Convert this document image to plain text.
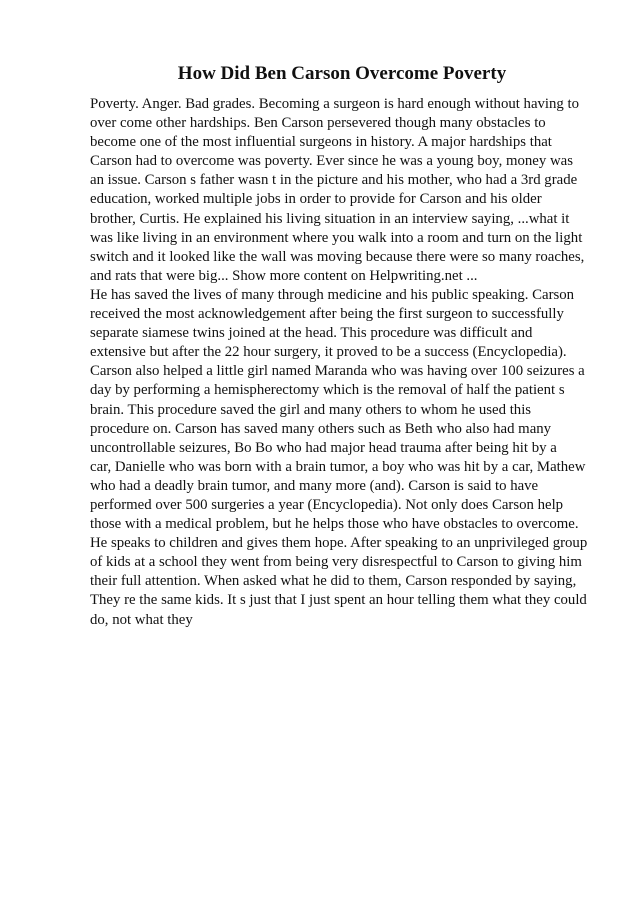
How Did Ben Carson Overcome Poverty
Poverty. Anger. Bad grades. Becoming a surgeon is hard enough without having to
over come other hardships. Ben Carson persevered though many obstacles to
become one of the most influential surgeons in history. A major hardships that
Carson had to overcome was poverty. Ever since he was a young boy, money was
an issue. Carson s father wasn t in the picture and his mother, who had a 3rd grade
education, worked multiple jobs in order to provide for Carson and his older
brother, Curtis. He explained his living situation in an interview saying, ...what it
was like living in an environment where you walk into a room and turn on the light
switch and it looked like the wall was moving because there were so many roaches,
and rats that were big... Show more content on Helpwriting.net ...
He has saved the lives of many through medicine and his public speaking. Carson
received the most acknowledgement after being the first surgeon to successfully
separate siamese twins joined at the head. This procedure was difficult and
extensive but after the 22 hour surgery, it proved to be a success (Encyclopedia).
Carson also helped a little girl named Maranda who was having over 100 seizures a
day by performing a hemispherectomy which is the removal of half the patient s
brain. This procedure saved the girl and many others to whom he used this
procedure on. Carson has saved many others such as Beth who also had many
uncontrollable seizures, Bo Bo who had major head trauma after being hit by a
car, Danielle who was born with a brain tumor, a boy who was hit by a car, Mathew
who had a deadly brain tumor, and many more (and). Carson is said to have
performed over 500 surgeries a year (Encyclopedia). Not only does Carson help
those with a medical problem, but he helps those who have obstacles to overcome.
He speaks to children and gives them hope. After speaking to an unprivileged group
of kids at a school they went from being very disrespectful to Carson to giving him
their full attention. When asked what he did to them, Carson responded by saying,
They re the same kids. It s just that I just spent an hour telling them what they could
do, not what they
